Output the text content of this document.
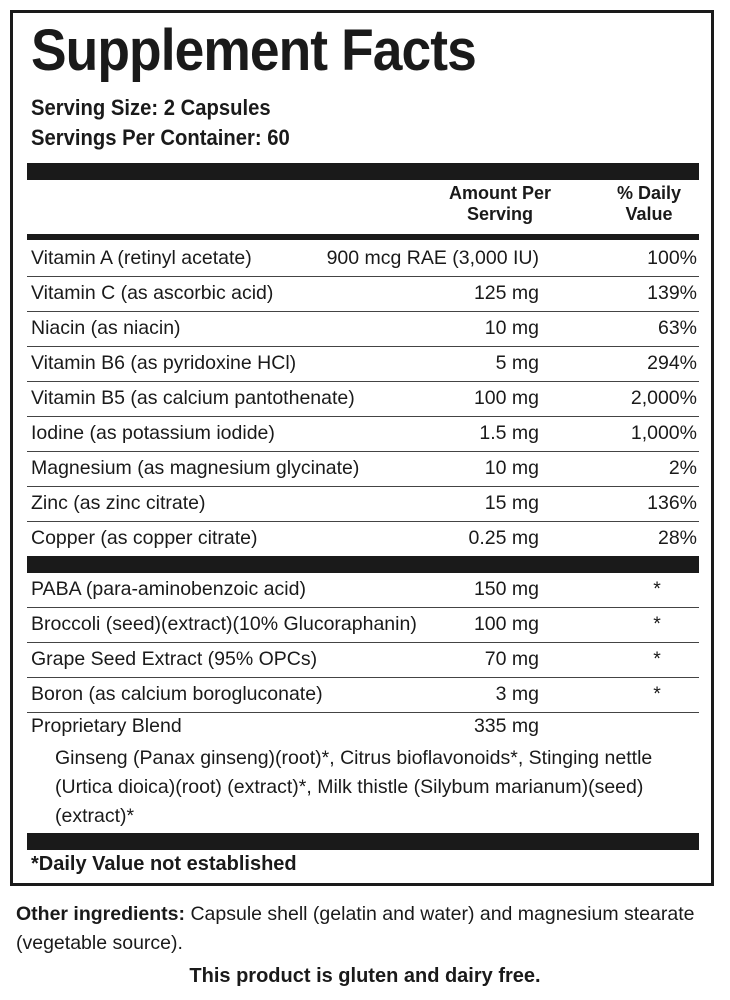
Supplement Facts
Serving Size: 2 Capsules
Servings Per Container: 60
Amount Per
Serving
% Daily
Value
Vitamin A (retinyl acetate)	900 mcg RAE (3,000 IU)	100%
Vitamin C (as ascorbic acid)	125 mg	139%
Niacin (as niacin)	10 mg	63%
Vitamin B6 (as pyridoxine HCl)	5 mg	294%
Vitamin B5 (as calcium pantothenate)	100 mg	2,000%
Iodine (as potassium iodide)	1.5 mg	1,000%
Magnesium (as magnesium glycinate)	10 mg	2%
Zinc (as zinc citrate)	15 mg	136%
Copper (as copper citrate)	0.25 mg	28%
PABA (para-aminobenzoic acid)	150 mg	*
Broccoli (seed)(extract)(10% Glucoraphanin)	100 mg	*
Grape Seed Extract (95% OPCs)	70 mg	*
Boron (as calcium borogluconate)	3 mg	*
Proprietary Blend	335 mg
Ginseng (Panax ginseng)(root)*, Citrus bioflavonoids*, Stinging nettle (Urtica dioica)(root) (extract)*, Milk thistle (Silybum marianum)(seed)(extract)*
*Daily Value not established
Other ingredients: Capsule shell (gelatin and water) and magnesium stearate (vegetable source).
This product is gluten and dairy free.
